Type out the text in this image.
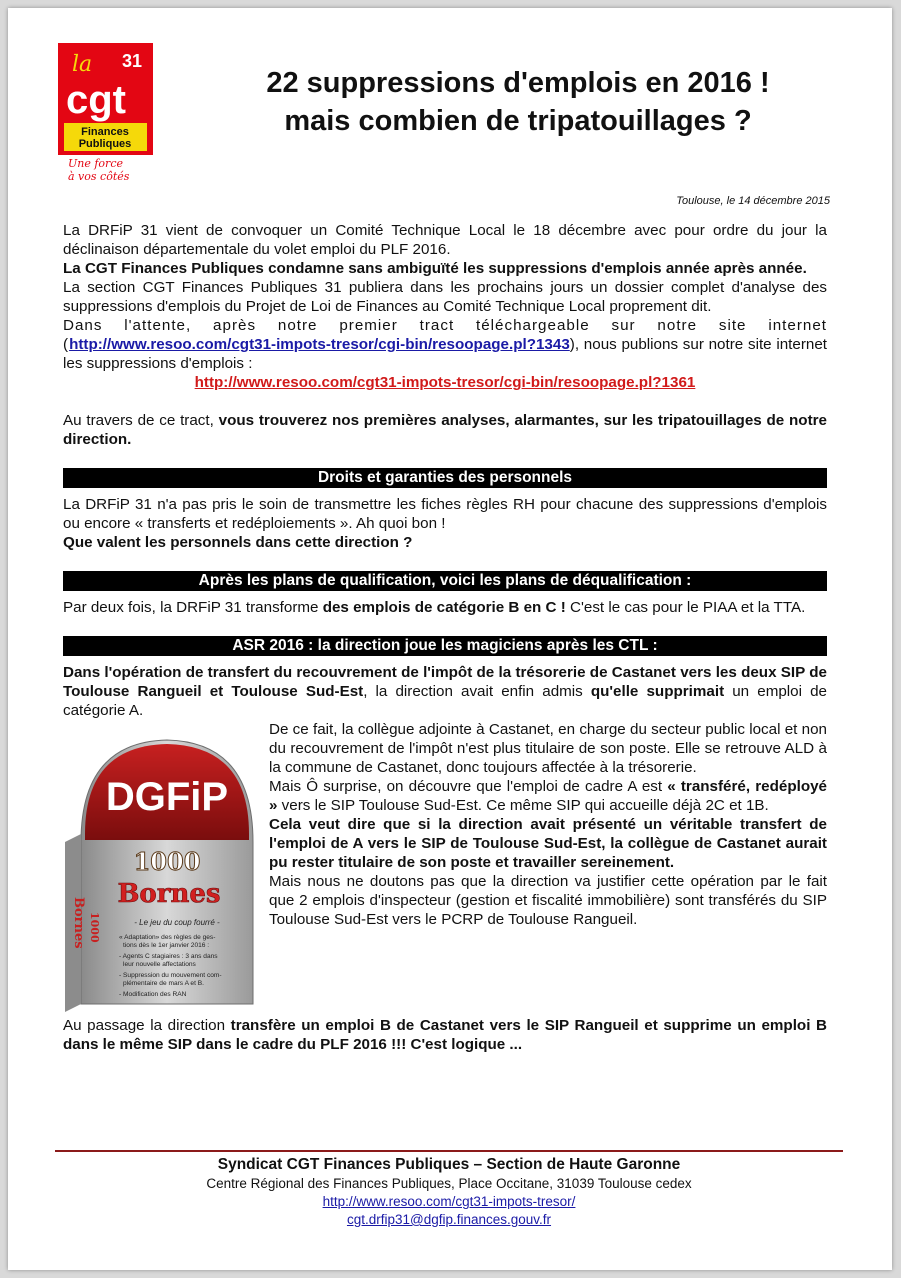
la 31
cgt
Finances
Publiques
Une force
à vos côtés
22 suppressions d'emplois en 2016 !
mais combien de tripatouillages ?
Toulouse, le 14 décembre 2015

La DRFiP 31 vient de convoquer un Comité Technique Local le 18 décembre avec pour ordre du jour la déclinaison départementale du volet emploi du PLF 2016.

La CGT Finances Publiques condamne sans ambiguïté les suppressions d'emplois année après année.

La section CGT Finances Publiques 31 publiera dans les prochains jours un dossier complet d'analyse des suppressions d'emplois du Projet de Loi de Finances au Comité Technique Local proprement dit.

Dans l'attente, après notre premier tract téléchargeable sur notre site internet (http://www.resoo.com/cgt31-impots-tresor/cgi-bin/resoopage.pl?1343), nous publions sur notre site internet les suppressions d'emplois :

http://www.resoo.com/cgt31-impots-tresor/cgi-bin/resoopage.pl?1361

Au travers de ce tract, vous trouverez nos premières analyses, alarmantes, sur les tripatouillages de notre direction.

Droits et garanties des personnels

La DRFiP 31 n'a pas pris le soin de transmettre les fiches règles RH pour chacune des suppressions d'emplois ou encore « transferts et redéploiements ». Ah quoi bon !

Que valent les personnels dans cette direction ?

Après les plans de qualification, voici les plans de déqualification :

Par deux fois, la DRFiP 31 transforme des emplois de catégorie B en C ! C'est le cas pour le PIAA et la TTA.

ASR 2016 : la direction joue les magiciens après les CTL :

Dans l'opération de transfert du recouvrement de l'impôt de la trésorerie de Castanet vers les deux SIP de Toulouse Rangueil et Toulouse Sud-Est, la direction avait enfin admis qu'elle supprimait un emploi de catégorie A.

DGFiP
1000
Bornes
1000
Bornes	- Le jeu du coup fourré -
« Adaptation» des règles de ges-
tions dès le 1er janvier 2016 :
- Agents C stagiaires : 3 ans dans
leur nouvelle affectations
- Suppression du mouvement com-
plémentaire de mars A et B.
- Modification des RAN

De ce fait, la collègue adjointe à Castanet, en charge du secteur public local et non du recouvrement de l'impôt n'est plus titulaire de son poste. Elle se retrouve ALD à la commune de Castanet, donc toujours affectée à la trésorerie.

Mais Ô surprise, on découvre que l'emploi de cadre A est « transféré, redéployé » vers le SIP Toulouse Sud-Est. Ce même SIP qui accueille déjà 2C et 1B.

Cela veut dire que si la direction avait présenté un véritable transfert de l'emploi de A vers le SIP de Toulouse Sud-Est, la collègue de Castanet aurait pu rester titulaire de son poste et travailler sereinement.

Mais nous ne doutons pas que la direction va justifier cette opération par le fait que 2 emplois d'inspecteur (gestion et fiscalité immobilière) sont transférés du SIP Toulouse Sud-Est vers le PCRP de Toulouse Rangueil.

Au passage la direction transfère un emploi B de Castanet vers le SIP Rangueil et supprime un emploi B dans le même SIP dans le cadre du PLF 2016 !!! C'est logique ...

Syndicat CGT Finances Publiques – Section de Haute Garonne
Centre Régional des Finances Publiques, Place Occitane, 31039 Toulouse cedex
http://www.resoo.com/cgt31-impots-tresor/
cgt.drfip31@dgfip.finances.gouv.fr
